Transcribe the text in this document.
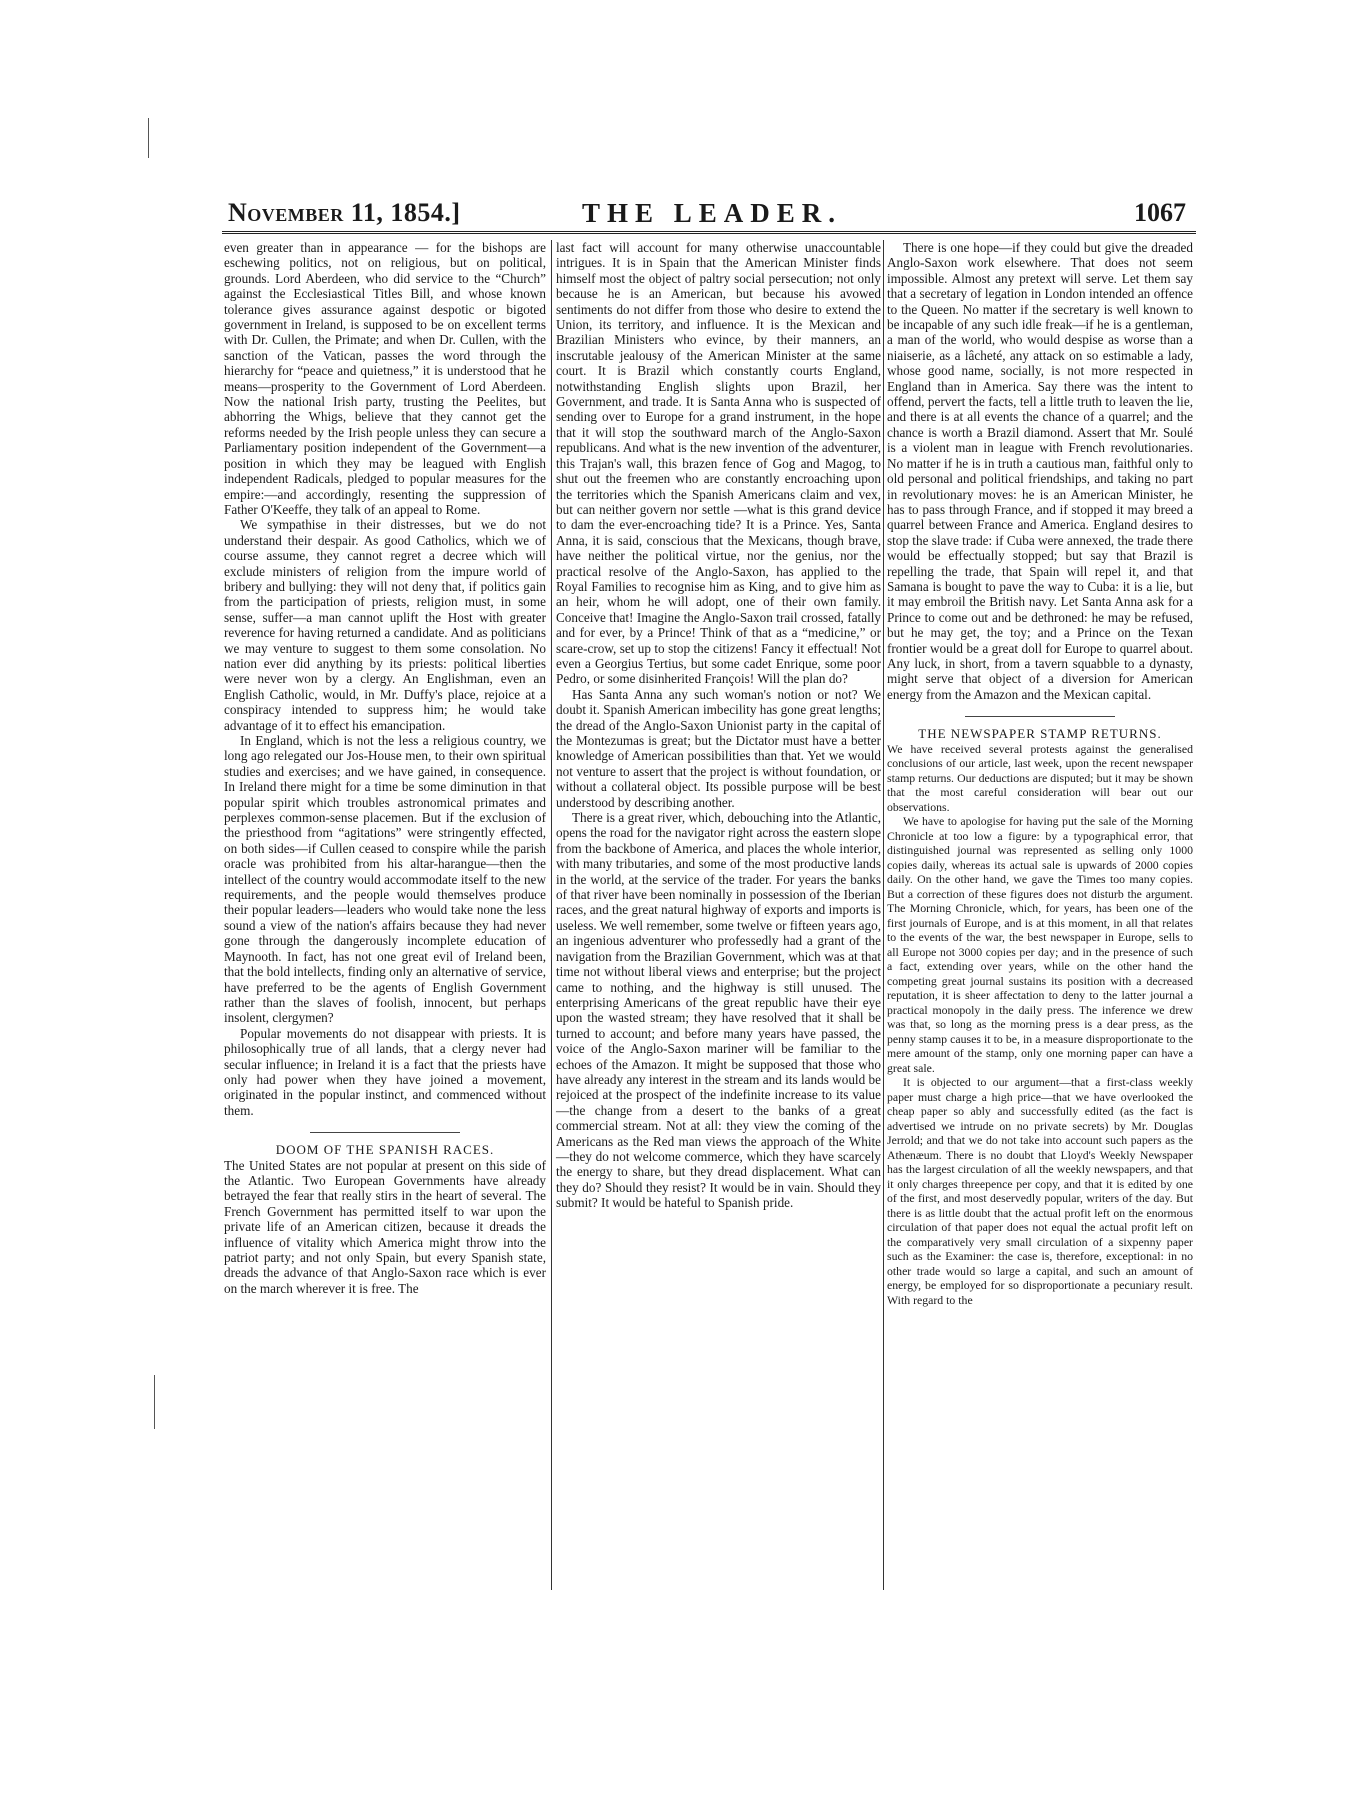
November 11, 1854.]	THE LEADER.	1067

even greater than in appearance — for the bishops are eschewing politics, not on religious, but on political, grounds. Lord Aberdeen, who did service to the “Church” against the Ecclesiastical Titles Bill, and whose known tolerance gives assurance against despotic or bigoted government in Ireland, is supposed to be on excellent terms with Dr. Cullen, the Primate; and when Dr. Cullen, with the sanction of the Vatican, passes the word through the hierarchy for “peace and quietness,” it is understood that he means—prosperity to the Government of Lord Aberdeen. Now the national Irish party, trusting the Peelites, but abhorring the Whigs, believe that they cannot get the reforms needed by the Irish people unless they can secure a Parliamentary position independent of the Government—a position in which they may be leagued with English independent Radicals, pledged to popular measures for the empire:—and accordingly, resenting the suppression of Father O'Keeffe, they talk of an appeal to Rome.

We sympathise in their distresses, but we do not understand their despair. As good Catholics, which we of course assume, they cannot regret a decree which will exclude ministers of religion from the impure world of bribery and bullying: they will not deny that, if politics gain from the participation of priests, religion must, in some sense, suffer—a man cannot uplift the Host with greater reverence for having returned a candidate. And as politicians we may venture to suggest to them some consolation. No nation ever did anything by its priests: political liberties were never won by a clergy. An Englishman, even an English Catholic, would, in Mr. Duffy's place, rejoice at a conspiracy intended to suppress him; he would take advantage of it to effect his emancipation.

In England, which is not the less a religious country, we long ago relegated our Jos-House men, to their own spiritual studies and exercises; and we have gained, in consequence. In Ireland there might for a time be some diminution in that popular spirit which troubles astronomical primates and perplexes common-sense placemen. But if the exclusion of the priesthood from “agitations” were stringently effected, on both sides—if Cullen ceased to conspire while the parish oracle was prohibited from his altar-harangue—then the intellect of the country would accommodate itself to the new requirements, and the people would themselves produce their popular leaders—leaders who would take none the less sound a view of the nation's affairs because they had never gone through the dangerously incomplete education of Maynooth. In fact, has not one great evil of Ireland been, that the bold intellects, finding only an alternative of service, have preferred to be the agents of English Government rather than the slaves of foolish, innocent, but perhaps insolent, clergymen?

Popular movements do not disappear with priests. It is philosophically true of all lands, that a clergy never had secular influence; in Ireland it is a fact that the priests have only had power when they have joined a movement, originated in the popular instinct, and commenced without them.

DOOM OF THE SPANISH RACES.

The United States are not popular at present on this side of the Atlantic. Two European Governments have already betrayed the fear that really stirs in the heart of several. The French Government has permitted itself to war upon the private life of an American citizen, because it dreads the influence of vitality which America might throw into the patriot party; and not only Spain, but every Spanish state, dreads the advance of that Anglo-Saxon race which is ever on the march wherever it is free. The

last fact will account for many otherwise unaccountable intrigues. It is in Spain that the American Minister finds himself most the object of paltry social persecution; not only because he is an American, but because his avowed sentiments do not differ from those who desire to extend the Union, its territory, and influence. It is the Mexican and Brazilian Ministers who evince, by their manners, an inscrutable jealousy of the American Minister at the same court. It is Brazil which constantly courts England, notwithstanding English slights upon Brazil, her Government, and trade. It is Santa Anna who is suspected of sending over to Europe for a grand instrument, in the hope that it will stop the southward march of the Anglo-Saxon republicans. And what is the new invention of the adventurer, this Trajan's wall, this brazen fence of Gog and Magog, to shut out the freemen who are constantly encroaching upon the territories which the Spanish Americans claim and vex, but can neither govern nor settle —what is this grand device to dam the ever-encroaching tide? It is a Prince. Yes, Santa Anna, it is said, conscious that the Mexicans, though brave, have neither the political virtue, nor the genius, nor the practical resolve of the Anglo-Saxon, has applied to the Royal Families to recognise him as King, and to give him as an heir, whom he will adopt, one of their own family. Conceive that! Imagine the Anglo-Saxon trail crossed, fatally and for ever, by a Prince! Think of that as a “medicine,” or scare-crow, set up to stop the citizens! Fancy it effectual! Not even a Georgius Tertius, but some cadet Enrique, some poor Pedro, or some disinherited François! Will the plan do?

Has Santa Anna any such woman's notion or not? We doubt it. Spanish American imbecility has gone great lengths; the dread of the Anglo-Saxon Unionist party in the capital of the Montezumas is great; but the Dictator must have a better knowledge of American possibilities than that. Yet we would not venture to assert that the project is without foundation, or without a collateral object. Its possible purpose will be best understood by describing another.

There is a great river, which, debouching into the Atlantic, opens the road for the navigator right across the eastern slope from the backbone of America, and places the whole interior, with many tributaries, and some of the most productive lands in the world, at the service of the trader. For years the banks of that river have been nominally in possession of the Iberian races, and the great natural highway of exports and imports is useless. We well remember, some twelve or fifteen years ago, an ingenious adventurer who professedly had a grant of the navigation from the Brazilian Government, which was at that time not without liberal views and enterprise; but the project came to nothing, and the highway is still unused. The enterprising Americans of the great republic have their eye upon the wasted stream; they have resolved that it shall be turned to account; and before many years have passed, the voice of the Anglo-Saxon mariner will be familiar to the echoes of the Amazon. It might be supposed that those who have already any interest in the stream and its lands would be rejoiced at the prospect of the indefinite increase to its value—the change from a desert to the banks of a great commercial stream. Not at all: they view the coming of the Americans as the Red man views the approach of the White—they do not welcome commerce, which they have scarcely the energy to share, but they dread displacement. What can they do? Should they resist? It would be in vain. Should they submit? It would be hateful to Spanish pride.

There is one hope—if they could but give the dreaded Anglo-Saxon work elsewhere. That does not seem impossible. Almost any pretext will serve. Let them say that a secretary of legation in London intended an offence to the Queen. No matter if the secretary is well known to be incapable of any such idle freak—if he is a gentleman, a man of the world, who would despise as worse than a niaiserie, as a lâcheté, any attack on so estimable a lady, whose good name, socially, is not more respected in England than in America. Say there was the intent to offend, pervert the facts, tell a little truth to leaven the lie, and there is at all events the chance of a quarrel; and the chance is worth a Brazil diamond. Assert that Mr. Soulé is a violent man in league with French revolutionaries. No matter if he is in truth a cautious man, faithful only to old personal and political friendships, and taking no part in revolutionary moves: he is an American Minister, he has to pass through France, and if stopped it may breed a quarrel between France and America. England desires to stop the slave trade: if Cuba were annexed, the trade there would be effectually stopped; but say that Brazil is repelling the trade, that Spain will repel it, and that Samana is bought to pave the way to Cuba: it is a lie, but it may embroil the British navy. Let Santa Anna ask for a Prince to come out and be dethroned: he may be refused, but he may get, the toy; and a Prince on the Texan frontier would be a great doll for Europe to quarrel about. Any luck, in short, from a tavern squabble to a dynasty, might serve that object of a diversion for American energy from the Amazon and the Mexican capital.

THE NEWSPAPER STAMP RETURNS.

We have received several protests against the generalised conclusions of our article, last week, upon the recent newspaper stamp returns. Our deductions are disputed; but it may be shown that the most careful consideration will bear out our observations.

We have to apologise for having put the sale of the Morning Chronicle at too low a figure: by a typographical error, that distinguished journal was represented as selling only 1000 copies daily, whereas its actual sale is upwards of 2000 copies daily. On the other hand, we gave the Times too many copies. But a correction of these figures does not disturb the argument. The Morning Chronicle, which, for years, has been one of the first journals of Europe, and is at this moment, in all that relates to the events of the war, the best newspaper in Europe, sells to all Europe not 3000 copies per day; and in the presence of such a fact, extending over years, while on the other hand the competing great journal sustains its position with a decreased reputation, it is sheer affectation to deny to the latter journal a practical monopoly in the daily press. The inference we drew was that, so long as the morning press is a dear press, as the penny stamp causes it to be, in a measure disproportionate to the mere amount of the stamp, only one morning paper can have a great sale.

It is objected to our argument—that a first-class weekly paper must charge a high price—that we have overlooked the cheap paper so ably and successfully edited (as the fact is advertised we intrude on no private secrets) by Mr. Douglas Jerrold; and that we do not take into account such papers as the Athenæum. There is no doubt that Lloyd's Weekly Newspaper has the largest circulation of all the weekly newspapers, and that it only charges threepence per copy, and that it is edited by one of the first, and most deservedly popular, writers of the day. But there is as little doubt that the actual profit left on the enormous circulation of that paper does not equal the actual profit left on the comparatively very small circulation of a sixpenny paper such as the Examiner: the case is, therefore, exceptional: in no other trade would so large a capital, and such an amount of energy, be employed for so disproportionate a pecuniary result. With regard to the
